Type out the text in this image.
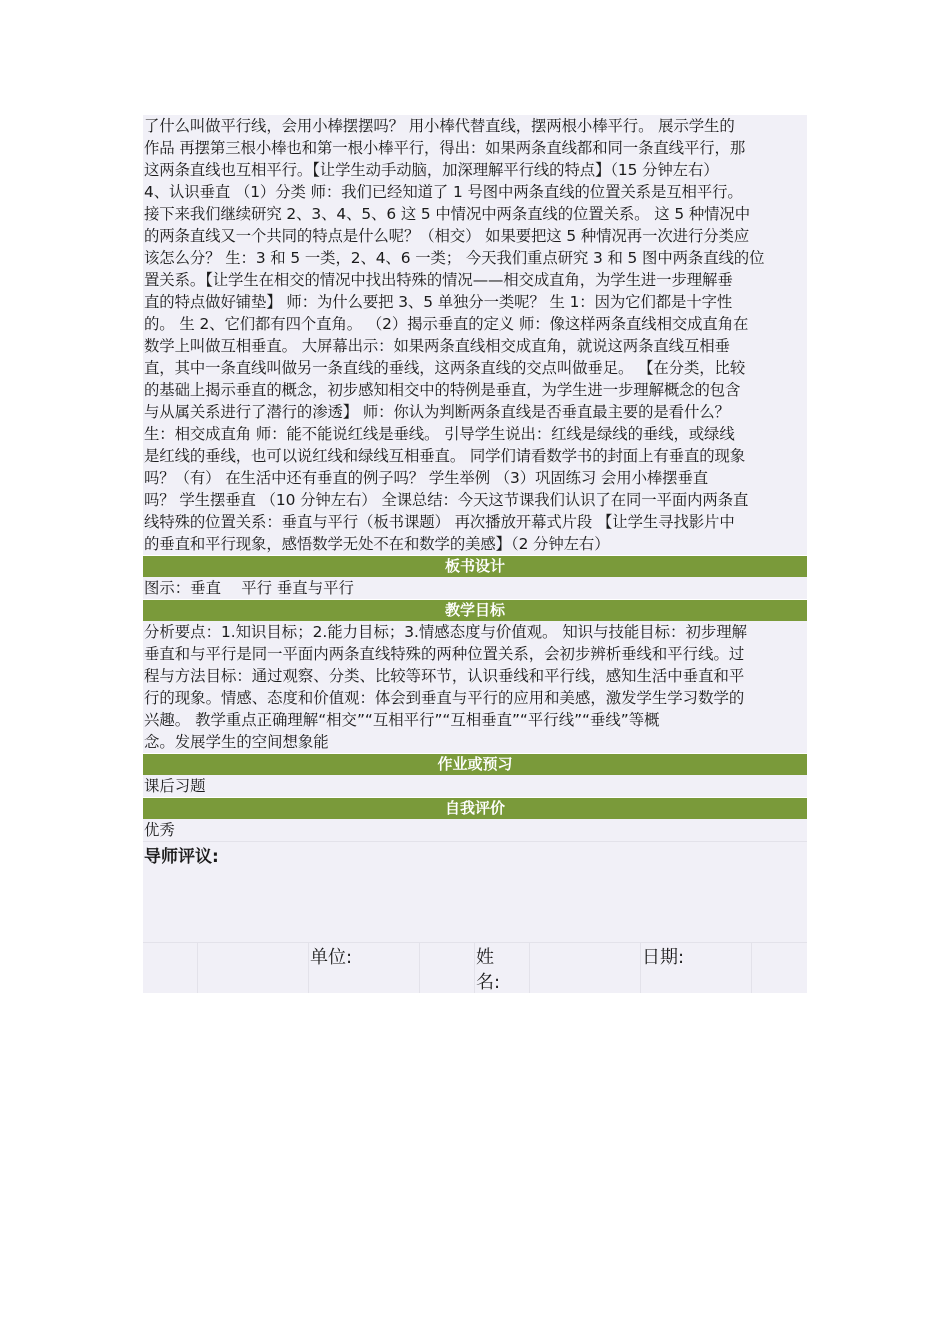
了什么叫做平行线，会用小棒摆摆吗？ 用小棒代替直线，摆两根小棒平行。 展示学生的
作品 再摆第三根小棒也和第一根小棒平行，得出：如果两条直线都和同一条直线平行，那
这两条直线也互相平行。【让学生动手动脑，加深理解平行线的特点】（15 分钟左右）
4、认识垂直 （1）分类 师：我们已经知道了 1 号图中两条直线的位置关系是互相平行。
接下来我们继续研究 2、3、4、5、6 这 5 中情况中两条直线的位置关系。 这 5 种情况中
的两条直线又一个共同的特点是什么呢？（相交） 如果要把这 5 种情况再一次进行分类应
该怎么分？ 生：3 和 5 一类，2、4、6 一类； 今天我们重点研究 3 和 5 图中两条直线的位
置关系。【让学生在相交的情况中找出特殊的情况——相交成直角，为学生进一步理解垂
直的特点做好铺垫】 师：为什么要把 3、5 单独分一类呢？ 生 1：因为它们都是十字性
的。 生 2、它们都有四个直角。 （2）揭示垂直的定义 师：像这样两条直线相交成直角在
数学上叫做互相垂直。 大屏幕出示：如果两条直线相交成直角，就说这两条直线互相垂
直，其中一条直线叫做另一条直线的垂线，这两条直线的交点叫做垂足。 【在分类，比较
的基础上揭示垂直的概念，初步感知相交中的特例是垂直，为学生进一步理解概念的包含
与从属关系进行了潜行的渗透】 师：你认为判断两条直线是否垂直最主要的是看什么？
生：相交成直角 师：能不能说红线是垂线。 引导学生说出：红线是绿线的垂线，或绿线
是红线的垂线，也可以说红线和绿线互相垂直。 同学们请看数学书的封面上有垂直的现象
吗？（有） 在生活中还有垂直的例子吗？ 学生举例 （3）巩固练习 会用小棒摆垂直
吗？ 学生摆垂直 （10 分钟左右） 全课总结：今天这节课我们认识了在同一平面内两条直
线特殊的位置关系：垂直与平行（板书课题） 再次播放开幕式片段 【让学生寻找影片中
的垂直和平行现象，感悟数学无处不在和数学的美感】（2 分钟左右）
板书设计
图示：垂直　 平行 垂直与平行
教学目标
分析要点：1.知识目标；2.能力目标；3.情感态度与价值观。 知识与技能目标：初步理解
垂直和与平行是同一平面内两条直线特殊的两种位置关系，会初步辨析垂线和平行线。过
程与方法目标：通过观察、分类、比较等环节，认识垂线和平行线，感知生活中垂直和平
行的现象。情感、态度和价值观：体会到垂直与平行的应用和美感，激发学生学习数学的
兴趣。 教学重点正确理解“相交”“互相平行”“互相垂直”“平行线”“垂线”等概
念。发展学生的空间想象能
作业或预习
课后习题
自我评价
优秀
导师评议:
单位:	姓
名:
日期:
